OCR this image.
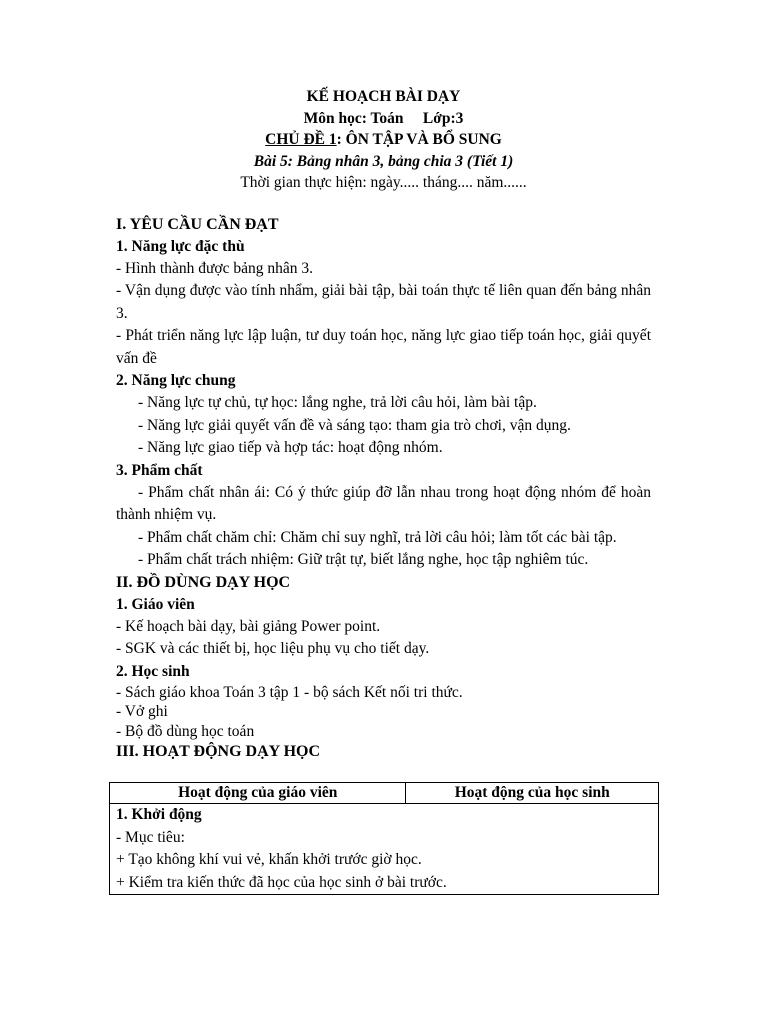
KẾ HOẠCH BÀI DẠY
Môn học: Toán     Lớp:3
CHỦ ĐỀ 1: ÔN TẬP VÀ BỔ SUNG
Bài 5: Bảng nhân 3, bảng chia 3 (Tiết 1)
Thời gian thực hiện: ngày..... tháng.... năm......
I. YÊU CẦU CẦN ĐẠT
1. Năng lực đặc thù
- Hình thành được bảng nhân 3.
- Vận dụng được vào tính nhẩm, giải bài tập, bài toán thực tế liên quan đến bảng nhân 3.
- Phát triển năng lực lập luận, tư duy toán học, năng lực giao tiếp toán học, giải quyết vấn đề
2. Năng lực chung
- Năng lực tự chủ, tự học: lắng nghe, trả lời câu hỏi, làm bài tập.
- Năng lực giải quyết vấn đề và sáng tạo: tham gia trò chơi, vận dụng.
- Năng lực giao tiếp và hợp tác: hoạt động nhóm.
3. Phẩm chất
- Phẩm chất nhân ái: Có ý thức giúp đỡ lẫn nhau trong hoạt động nhóm để hoàn thành nhiệm vụ.
- Phẩm chất chăm chỉ: Chăm chỉ suy nghĩ, trả lời câu hỏi; làm tốt các bài tập.
- Phẩm chất trách nhiệm: Giữ trật tự, biết lắng nghe, học tập nghiêm túc.
II. ĐỒ DÙNG DẠY HỌC
1. Giáo viên
- Kế hoạch bài dạy, bài giảng Power point.
- SGK và các thiết bị, học liệu phụ vụ cho tiết dạy.
2. Học sinh
- Sách giáo khoa Toán 3 tập 1 - bộ sách Kết nối tri thức.
- Vở ghi
- Bộ đồ dùng học toán
III. HOẠT ĐỘNG DẠY HỌC
Hoạt động của giáo viên	Hoạt động của học sinh

1. Khởi động
- Mục tiêu:
+ Tạo không khí vui vẻ, khấn khởi trước giờ học.
+ Kiểm tra kiến thức đã học của học sinh ở bài trước.
